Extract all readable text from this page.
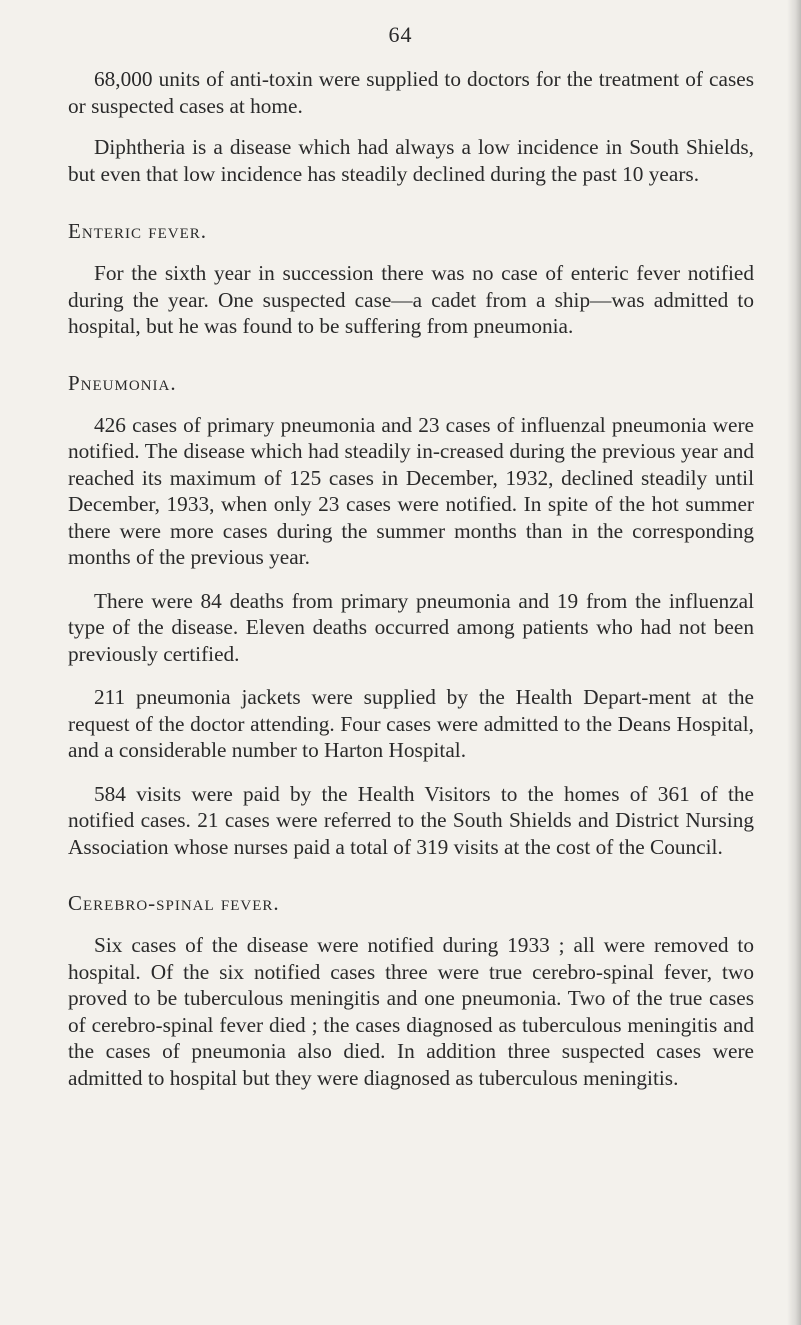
64

68,000 units of anti-toxin were supplied to doctors for the treatment of cases or suspected cases at home.

Diphtheria is a disease which had always a low incidence in South Shields, but even that low incidence has steadily declined during the past 10 years.

Enteric fever.

For the sixth year in succession there was no case of enteric fever notified during the year. One suspected case—a cadet from a ship—was admitted to hospital, but he was found to be suffering from pneumonia.

Pneumonia.

426 cases of primary pneumonia and 23 cases of influenzal pneumonia were notified. The disease which had steadily in-creased during the previous year and reached its maximum of 125 cases in December, 1932, declined steadily until December, 1933, when only 23 cases were notified. In spite of the hot summer there were more cases during the summer months than in the corresponding months of the previous year.

There were 84 deaths from primary pneumonia and 19 from the influenzal type of the disease. Eleven deaths occurred among patients who had not been previously certified.

211 pneumonia jackets were supplied by the Health Depart-ment at the request of the doctor attending. Four cases were admitted to the Deans Hospital, and a considerable number to Harton Hospital.

584 visits were paid by the Health Visitors to the homes of 361 of the notified cases. 21 cases were referred to the South Shields and District Nursing Association whose nurses paid a total of 319 visits at the cost of the Council.

Cerebro-spinal fever.

Six cases of the disease were notified during 1933 ; all were removed to hospital. Of the six notified cases three were true cerebro-spinal fever, two proved to be tuberculous meningitis and one pneumonia. Two of the true cases of cerebro-spinal fever died ; the cases diagnosed as tuberculous meningitis and the cases of pneumonia also died. In addition three suspected cases were admitted to hospital but they were diagnosed as tuberculous meningitis.
